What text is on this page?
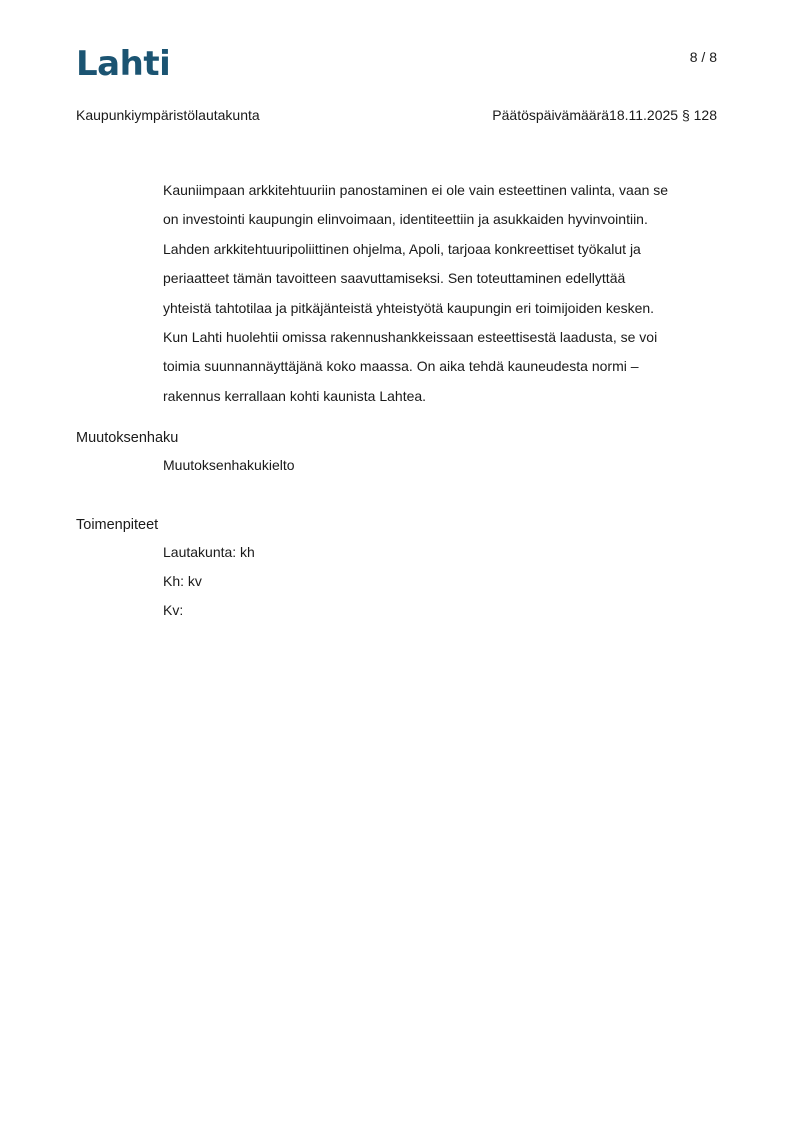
Lahti	8 / 8
Kaupunkiympäristölautakunta	Päätöspäivämäärä18.11.2025 § 128

Kauniimpaan arkkitehtuuriin panostaminen ei ole vain esteettinen valinta, vaan se
on investointi kaupungin elinvoimaan, identiteettiin ja asukkaiden hyvinvointiin.
Lahden arkkitehtuuripoliittinen ohjelma, Apoli, tarjoaa konkreettiset työkalut ja
periaatteet tämän tavoitteen saavuttamiseksi. Sen toteuttaminen edellyttää
yhteistä tahtotilaa ja pitkäjänteistä yhteistyötä kaupungin eri toimijoiden kesken.
Kun Lahti huolehtii omissa rakennushankkeissaan esteettisestä laadusta, se voi
toimia suunnannäyttäjänä koko maassa. On aika tehdä kauneudesta normi –
rakennus kerrallaan kohti kaunista Lahtea.

Muutoksenhaku
Muutoksenhakukielto
Toimenpiteet
Lautakunta: kh
Kh: kv
Kv:
